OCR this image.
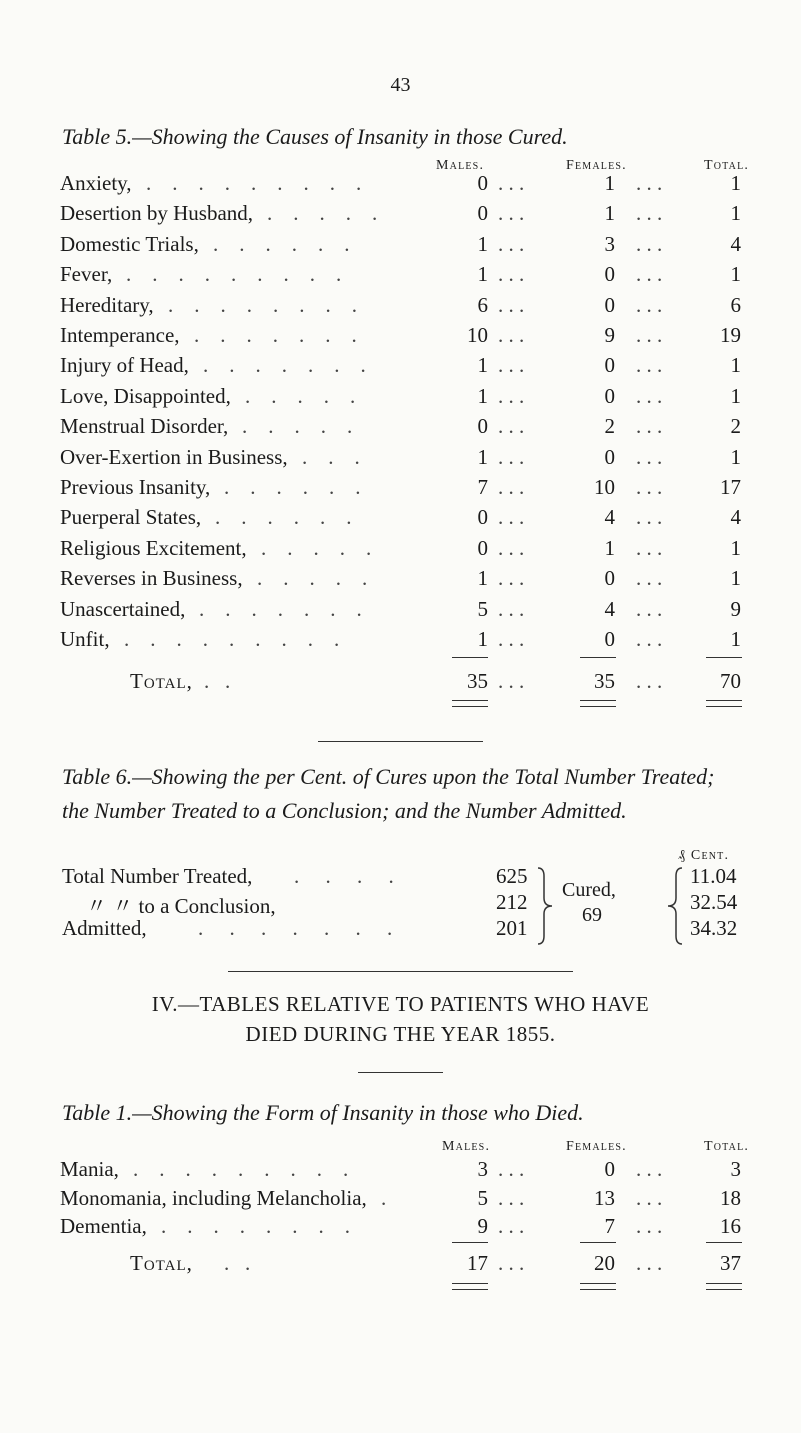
43
Table 5.—Showing the Causes of Insanity in those Cured.
Males.	Females.	Total.
Anxiety, .    .    .    .    .    .    .    .    .	0 . . .	1 . . .	1
Desertion by Husband, .    .    .    .    .	0 . . .	1 . . .	1
Domestic Trials, .    .    .    .    .    .	1 . . .	3 . . .	4
Fever, .    .    .    .    .    .    .    .    .	1 . . .	0 . . .	1
Hereditary, .    .    .    .    .    .    .    .	6 . . .	0 . . .	6
Intemperance, .    .    .    .    .    .    .	10 . . .	9 . . .	19
Injury of Head, .    .    .    .    .    .    .	1 . . .	0 . . .	1
Love, Disappointed, .    .    .    .    .	1 . . .	0 . . .	1
Menstrual Disorder, .    .    .    .    .	0 . . .	2 . . .	2
Over-Exertion in Business, .    .    .	1 . . .	0 . . .	1
Previous Insanity, .    .    .    .    .    .	7 . . .	10 . . .	17
Puerperal States, .    .    .    .    .    .	0 . . .	4 . . .	4
Religious Excitement, .    .    .    .    .	0 . . .	1 . . .	1
Reverses in Business, .    .    .    .    .	1 . . .	0 . . .	1
Unascertained, .    .    .    .    .    .    .	5 . . .	4 . . .	9
Unfit, .    .    .    .    .    .    .    .    .	1 . . .	0 . . .	1
Total, .   .	35 . . .	35 . . .	70
Table 6.—Showing the per Cent. of Cures upon the Total Number Treated; the Number Treated to a Conclusion; and the Number Admitted.
₰ Cent.
Total Number Treated, .     .     .     .	625	11.04
〃 〃 to a Conclusion,	212	32.54
Admitted, .     .     .     .     .     .     .	201	34.32
Cured,
69
IV.—TABLES RELATIVE TO PATIENTS WHO HAVE
DIED DURING THE YEAR 1855.
Table 1.—Showing the Form of Insanity in those who Died.
Males.	Females.	Total.
Mania, .    .    .    .    .    .    .    .    .	3 . . .	0 . . .	3
Monomania, including Melancholia, .	5 . . .	13 . . .	18
Dementia, .    .    .    .    .    .    .    .	9 . . .	7 . . .	16
Total, .   .	17 . . .	20 . . .	37
